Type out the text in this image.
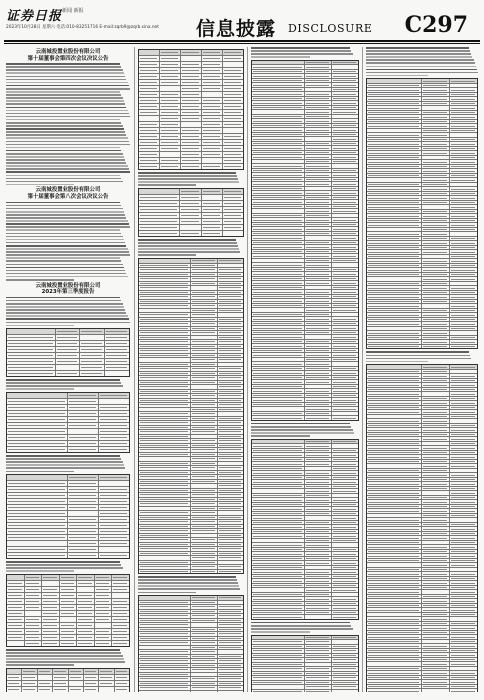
证券日报 新闻 新报
2023年10月28日 星期六 电话:010-83251716 E-mail:zqrb9@zqrb.sina.net 信息披露 DISCLOSURE C297
云南城投置业股份有限公司
第十届董事会第四次会议决议公告
云南城投置业股份有限公司
第十届董事会第八次会议决议公告
云南城投置业股份有限公司
2023年第三季度报告
